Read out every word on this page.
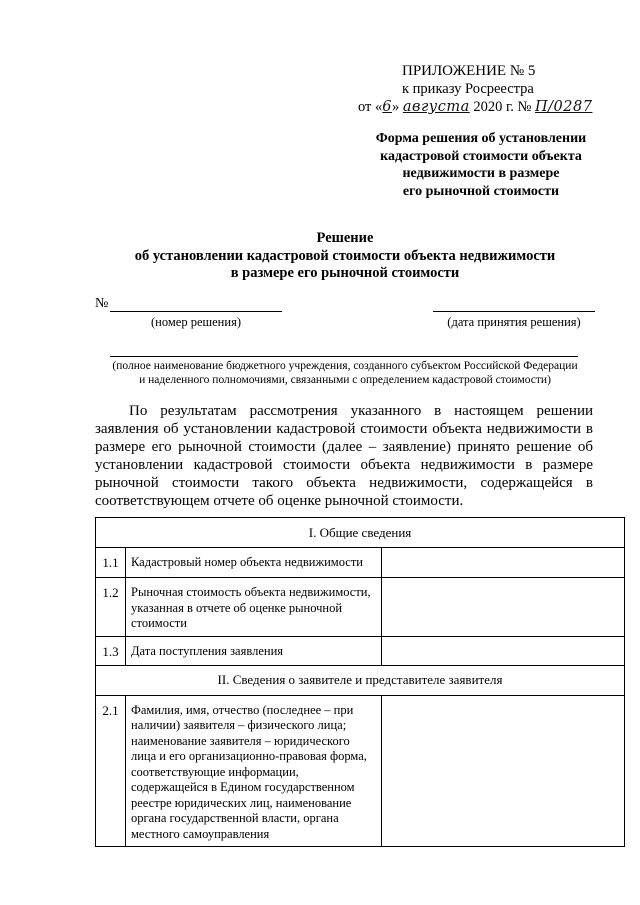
ПРИЛОЖЕНИЕ № 5
к приказу Росреестра
от «6» августа 2020 г. № П/0287
Форма решения об установлении
кадастровой стоимости объекта
недвижимости в размере
его рыночной стоимости
Решение
об установлении кадастровой стоимости объекта недвижимости
в размере его рыночной стоимости
№
(номер решения)	(дата принятия решения)
(полное наименование бюджетного учреждения, созданного субъектом Российской Федерации
и наделенного полномочиями, связанными с определением кадастровой стоимости)
По результатам рассмотрения указанного в настоящем решении заявления об установлении кадастровой стоимости объекта недвижимости в размере его рыночной стоимости (далее – заявление) принято решение об установлении кадастровой стоимости объекта недвижимости в размере рыночной стоимости такого объекта недвижимости, содержащейся в соответствующем отчете об оценке рыночной стоимости.
I. Общие сведения		
1.1	Кадастровый номер объекта недвижимости	
1.2	Рыночная стоимость объекта недвижимости, указанная в отчете об оценке рыночной стоимости	
1.3	Дата поступления заявления	
II. Сведения о заявителе и представителе заявителя		
2.1	Фамилия, имя, отчество (последнее – при наличии) заявителя – физического лица; наименование заявителя – юридического лица и его организационно-правовая форма, соответствующие информации, содержащейся в Едином государственном реестре юридических лиц, наименование органа государственной власти, органа местного самоуправления	
